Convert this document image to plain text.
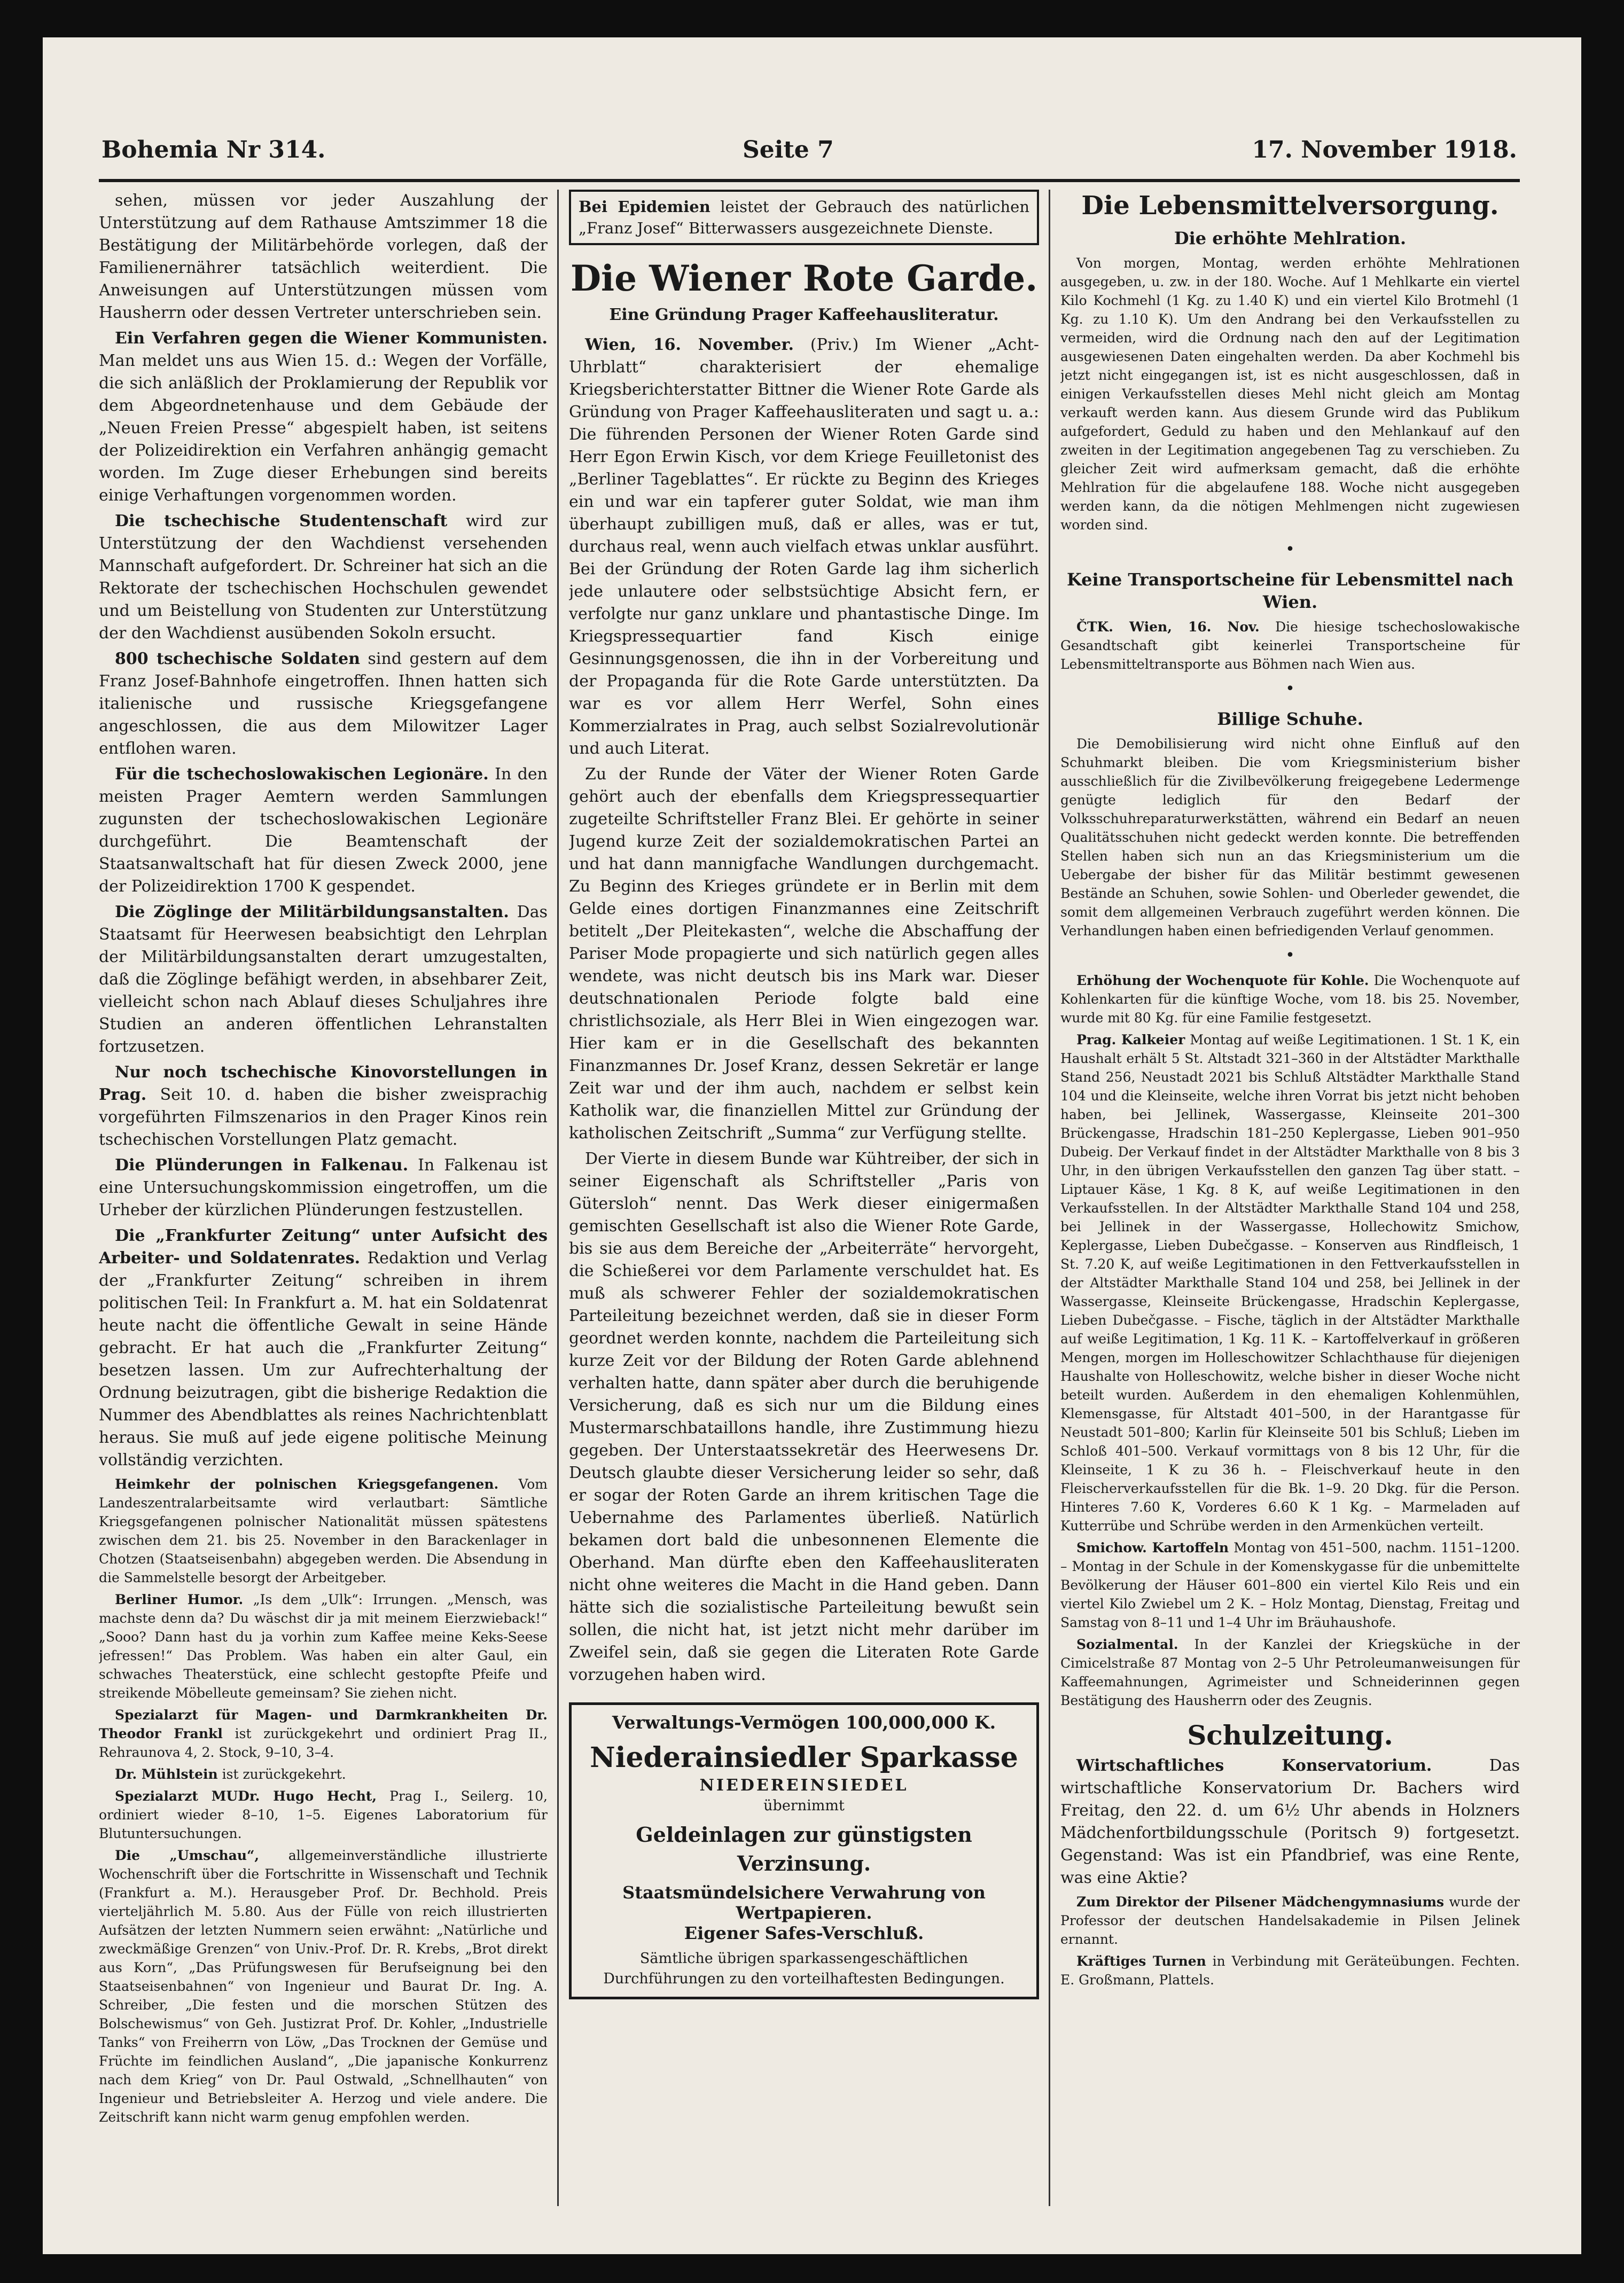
Bohemia Nr 314.	Seite 7	17. November 1918.

sehen, müssen vor jeder Auszahlung der Unterstützung auf dem Rathause Amtszimmer 18 die Bestätigung der Militärbehörde vorlegen, daß der Familienernährer tatsächlich weiterdient. Die Anweisungen auf Unterstützungen müssen vom Hausherrn oder dessen Vertreter unterschrieben sein.

Ein Verfahren gegen die Wiener Kommunisten. Man meldet uns aus Wien 15. d.: Wegen der Vorfälle, die sich anläßlich der Proklamierung der Republik vor dem Abgeordnetenhause und dem Gebäude der „Neuen Freien Presse“ abgespielt haben, ist seitens der Polizeidirektion ein Verfahren anhängig gemacht worden. Im Zuge dieser Erhebungen sind bereits einige Verhaftungen vorgenommen worden.

Die tschechische Studentenschaft wird zur Unterstützung der den Wachdienst versehenden Mannschaft aufgefordert. Dr. Schreiner hat sich an die Rektorate der tschechischen Hochschulen gewendet und um Beistellung von Studenten zur Unterstützung der den Wachdienst ausübenden Sokoln ersucht.

800 tschechische Soldaten sind gestern auf dem Franz Josef-Bahnhofe eingetroffen. Ihnen hatten sich italienische und russische Kriegsgefangene angeschlossen, die aus dem Milowitzer Lager entflohen waren.

Für die tschechoslowakischen Legionäre. In den meisten Prager Aemtern werden Sammlungen zugunsten der tschechoslowakischen Legionäre durchgeführt. Die Beamtenschaft der Staatsanwaltschaft hat für diesen Zweck 2000, jene der Polizeidirektion 1700 K gespendet.

Die Zöglinge der Militärbildungsanstalten. Das Staatsamt für Heerwesen beabsichtigt den Lehrplan der Militärbildungsanstalten derart umzugestalten, daß die Zöglinge befähigt werden, in absehbarer Zeit, vielleicht schon nach Ablauf dieses Schuljahres ihre Studien an anderen öffentlichen Lehranstalten fortzusetzen.

Nur noch tschechische Kinovorstellungen in Prag. Seit 10. d. haben die bisher zweisprachig vorgeführten Filmszenarios in den Prager Kinos rein tschechischen Vorstellungen Platz gemacht.

Die Plünderungen in Falkenau. In Falkenau ist eine Untersuchungskommission eingetroffen, um die Urheber der kürzlichen Plünderungen festzustellen.

Die „Frankfurter Zeitung“ unter Aufsicht des Arbeiter- und Soldatenrates. Redaktion und Verlag der „Frankfurter Zeitung“ schreiben in ihrem politischen Teil: In Frankfurt a. M. hat ein Soldatenrat heute nacht die öffentliche Gewalt in seine Hände gebracht. Er hat auch die „Frankfurter Zeitung“ besetzen lassen. Um zur Aufrechterhaltung der Ordnung beizutragen, gibt die bisherige Redaktion die Nummer des Abendblattes als reines Nachrichtenblatt heraus. Sie muß auf jede eigene politische Meinung vollständig verzichten.

Heimkehr der polnischen Kriegsgefangenen. Vom Landeszentralarbeitsamte wird verlautbart: Sämtliche Kriegsgefangenen polnischer Nationalität müssen spätestens zwischen dem 21. bis 25. November in den Barackenlager in Chotzen (Staatseisenbahn) abgegeben werden. Die Absendung in die Sammelstelle besorgt der Arbeitgeber.

Berliner Humor. „Is dem „Ulk“: Irrungen. „Mensch, was machste denn da? Du wäschst dir ja mit meinem Eierzwieback!“ „Sooo? Dann hast du ja vorhin zum Kaffee meine Keks-Seese jefressen!“ Das Problem. Was haben ein alter Gaul, ein schwaches Theaterstück, eine schlecht gestopfte Pfeife und streikende Möbelleute gemeinsam? Sie ziehen nicht.

Spezialarzt für Magen- und Darmkrankheiten Dr. Theodor Frankl ist zurückgekehrt und ordiniert Prag II., Rehraunova 4, 2. Stock, 9–10, 3–4.

Dr. Mühlstein ist zurückgekehrt.

Spezialarzt MUDr. Hugo Hecht, Prag I., Seilerg. 10, ordiniert wieder 8–10, 1–5. Eigenes Laboratorium für Blutuntersuchungen.

Die „Umschau“, allgemeinverständliche illustrierte Wochenschrift über die Fortschritte in Wissenschaft und Technik (Frankfurt a. M.). Herausgeber Prof. Dr. Bechhold. Preis vierteljährlich M. 5.80. Aus der Fülle von reich illustrierten Aufsätzen der letzten Nummern seien erwähnt: „Natürliche und zweckmäßige Grenzen“ von Univ.-Prof. Dr. R. Krebs, „Brot direkt aus Korn“, „Das Prüfungswesen für Berufseignung bei den Staatseisenbahnen“ von Ingenieur und Baurat Dr. Ing. A. Schreiber, „Die festen und die morschen Stützen des Bolschewismus“ von Geh. Justizrat Prof. Dr. Kohler, „Industrielle Tanks“ von Freiherrn von Löw, „Das Trocknen der Gemüse und Früchte im feindlichen Ausland“, „Die japanische Konkurrenz nach dem Krieg“ von Dr. Paul Ostwald, „Schnellhauten“ von Ingenieur und Betriebsleiter A. Herzog und viele andere. Die Zeitschrift kann nicht warm genug empfohlen werden.

Bei Epidemien leistet der Gebrauch des natürlichen „Franz Josef“ Bitterwassers ausgezeichnete Dienste.
Die Wiener Rote Garde.
Eine Gründung Prager Kaffeehausliteratur.

Wien, 16. November. (Priv.) Im Wiener „Acht-Uhrblatt“ charakterisiert der ehemalige Kriegsberichterstatter Bittner die Wiener Rote Garde als Gründung von Prager Kaffeehausliteraten und sagt u. a.: Die führenden Personen der Wiener Roten Garde sind Herr Egon Erwin Kisch, vor dem Kriege Feuilletonist des „Berliner Tageblattes“. Er rückte zu Beginn des Krieges ein und war ein tapferer guter Soldat, wie man ihm überhaupt zubilligen muß, daß er alles, was er tut, durchaus real, wenn auch vielfach etwas unklar ausführt. Bei der Gründung der Roten Garde lag ihm sicherlich jede unlautere oder selbstsüchtige Absicht fern, er verfolgte nur ganz unklare und phantastische Dinge. Im Kriegspressequartier fand Kisch einige Gesinnungsgenossen, die ihn in der Vorbereitung und der Propaganda für die Rote Garde unterstützten. Da war es vor allem Herr Werfel, Sohn eines Kommerzialrates in Prag, auch selbst Sozialrevolutionär und auch Literat.

Zu der Runde der Väter der Wiener Roten Garde gehört auch der ebenfalls dem Kriegspressequartier zugeteilte Schriftsteller Franz Blei. Er gehörte in seiner Jugend kurze Zeit der sozialdemokratischen Partei an und hat dann mannigfache Wandlungen durchgemacht. Zu Beginn des Krieges gründete er in Berlin mit dem Gelde eines dortigen Finanzmannes eine Zeitschrift betitelt „Der Pleitekasten“, welche die Abschaffung der Pariser Mode propagierte und sich natürlich gegen alles wendete, was nicht deutsch bis ins Mark war. Dieser deutschnationalen Periode folgte bald eine christlichsoziale, als Herr Blei in Wien eingezogen war. Hier kam er in die Gesellschaft des bekannten Finanzmannes Dr. Josef Kranz, dessen Sekretär er lange Zeit war und der ihm auch, nachdem er selbst kein Katholik war, die finanziellen Mittel zur Gründung der katholischen Zeitschrift „Summa“ zur Verfügung stellte.

Der Vierte in diesem Bunde war Kühtreiber, der sich in seiner Eigenschaft als Schriftsteller „Paris von Gütersloh“ nennt. Das Werk dieser einigermaßen gemischten Gesellschaft ist also die Wiener Rote Garde, bis sie aus dem Bereiche der „Arbeiterräte“ hervorgeht, die Schießerei vor dem Parlamente verschuldet hat. Es muß als schwerer Fehler der sozialdemokratischen Parteileitung bezeichnet werden, daß sie in dieser Form geordnet werden konnte, nachdem die Parteileitung sich kurze Zeit vor der Bildung der Roten Garde ablehnend verhalten hatte, dann später aber durch die beruhigende Versicherung, daß es sich nur um die Bildung eines Mustermarschbataillons handle, ihre Zustimmung hiezu gegeben. Der Unterstaatssekretär des Heerwesens Dr. Deutsch glaubte dieser Versicherung leider so sehr, daß er sogar der Roten Garde an ihrem kritischen Tage die Uebernahme des Parlamentes überließ. Natürlich bekamen dort bald die unbesonnenen Elemente die Oberhand. Man dürfte eben den Kaffeehausliteraten nicht ohne weiteres die Macht in die Hand geben. Dann hätte sich die sozialistische Parteileitung bewußt sein sollen, die nicht hat, ist jetzt nicht mehr darüber im Zweifel sein, daß sie gegen die Literaten Rote Garde vorzugehen haben wird.

Verwaltungs-Vermögen 100,000,000 K.
Niederainsiedler Sparkasse
NIEDEREINSIEDEL
übernimmt
Geldeinlagen zur günstigsten Verzinsung.
Staatsmündelsichere Verwahrung von Wertpapieren.
Eigener Safes-Verschluß.
Sämtliche übrigen sparkassengeschäftlichen Durchführungen zu den vorteilhaftesten Bedingungen.
Die Lebensmittelversorgung.
Die erhöhte Mehlration.

Von morgen, Montag, werden erhöhte Mehlrationen ausgegeben, u. zw. in der 180. Woche. Auf 1 Mehlkarte ein viertel Kilo Kochmehl (1 Kg. zu 1.40 K) und ein viertel Kilo Brotmehl (1 Kg. zu 1.10 K). Um den Andrang bei den Verkaufsstellen zu vermeiden, wird die Ordnung nach den auf der Legitimation ausgewiesenen Daten eingehalten werden. Da aber Kochmehl bis jetzt nicht eingegangen ist, ist es nicht ausgeschlossen, daß in einigen Verkaufsstellen dieses Mehl nicht gleich am Montag verkauft werden kann. Aus diesem Grunde wird das Publikum aufgefordert, Geduld zu haben und den Mehlankauf auf den zweiten in der Legitimation angegebenen Tag zu verschieben. Zu gleicher Zeit wird aufmerksam gemacht, daß die erhöhte Mehlration für die abgelaufene 188. Woche nicht ausgegeben werden kann, da die nötigen Mehlmengen nicht zugewiesen worden sind.

•
Keine Transportscheine für Lebensmittel nach Wien.

ČTK. Wien, 16. Nov. Die hiesige tschechoslowakische Gesandtschaft gibt keinerlei Transportscheine für Lebensmitteltransporte aus Böhmen nach Wien aus.

•
Billige Schuhe.

Die Demobilisierung wird nicht ohne Einfluß auf den Schuhmarkt bleiben. Die vom Kriegsministerium bisher ausschließlich für die Zivilbevölkerung freigegebene Ledermenge genügte lediglich für den Bedarf der Volksschuhreparaturwerkstätten, während ein Bedarf an neuen Qualitätsschuhen nicht gedeckt werden konnte. Die betreffenden Stellen haben sich nun an das Kriegsministerium um die Uebergabe der bisher für das Militär bestimmt gewesenen Bestände an Schuhen, sowie Sohlen- und Oberleder gewendet, die somit dem allgemeinen Verbrauch zugeführt werden können. Die Verhandlungen haben einen befriedigenden Verlauf genommen.

•

Erhöhung der Wochenquote für Kohle. Die Wochenquote auf Kohlenkarten für die künftige Woche, vom 18. bis 25. November, wurde mit 80 Kg. für eine Familie festgesetzt.

Prag. Kalkeier Montag auf weiße Legitimationen. 1 St. 1 K, ein Haushalt erhält 5 St. Altstadt 321–360 in der Altstädter Markthalle Stand 256, Neustadt 2021 bis Schluß Altstädter Markthalle Stand 104 und die Kleinseite, welche ihren Vorrat bis jetzt nicht behoben haben, bei Jellinek, Wassergasse, Kleinseite 201–300 Brückengasse, Hradschin 181–250 Keplergasse, Lieben 901–950 Dubeig. Der Verkauf findet in der Altstädter Markthalle von 8 bis 3 Uhr, in den übrigen Verkaufsstellen den ganzen Tag über statt. – Liptauer Käse, 1 Kg. 8 K, auf weiße Legitimationen in den Verkaufsstellen. In der Altstädter Markthalle Stand 104 und 258, bei Jellinek in der Wassergasse, Hollechowitz Smichow, Keplergasse, Lieben Dubečgasse. – Konserven aus Rindfleisch, 1 St. 7.20 K, auf weiße Legitimationen in den Fettverkaufsstellen in der Altstädter Markthalle Stand 104 und 258, bei Jellinek in der Wassergasse, Kleinseite Brückengasse, Hradschin Keplergasse, Lieben Dubečgasse. – Fische, täglich in der Altstädter Markthalle auf weiße Legitimation, 1 Kg. 11 K. – Kartoffelverkauf in größeren Mengen, morgen im Holleschowitzer Schlachthause für diejenigen Haushalte von Holleschowitz, welche bisher in dieser Woche nicht beteilt wurden. Außerdem in den ehemaligen Kohlenmühlen, Klemensgasse, für Altstadt 401–500, in der Harantgasse für Neustadt 501–800; Karlin für Kleinseite 501 bis Schluß; Lieben im Schloß 401–500. Verkauf vormittags von 8 bis 12 Uhr, für die Kleinseite, 1 K zu 36 h. – Fleischverkauf heute in den Fleischerverkaufsstellen für die Bk. 1–9. 20 Dkg. für die Person. Hinteres 7.60 K, Vorderes 6.60 K 1 Kg. – Marmeladen auf Kutterrübe und Schrübe werden in den Armenküchen verteilt.

Smichow. Kartoffeln Montag von 451–500, nachm. 1151–1200. – Montag in der Schule in der Komenskygasse für die unbemittelte Bevölkerung der Häuser 601–800 ein viertel Kilo Reis und ein viertel Kilo Zwiebel um 2 K. – Holz Montag, Dienstag, Freitag und Samstag von 8–11 und 1–4 Uhr im Bräuhaushofe.

Sozialmental. In der Kanzlei der Kriegsküche in der Cimicelstraße 87 Montag von 2–5 Uhr Petroleumanweisungen für Kaffeemahnungen, Agrimeister und Schneiderinnen gegen Bestätigung des Hausherrn oder des Zeugnis.

Schulzeitung.

Wirtschaftliches Konservatorium. Das wirtschaftliche Konservatorium Dr. Bachers wird Freitag, den 22. d. um 6½ Uhr abends in Holzners Mädchenfortbildungsschule (Poritsch 9) fortgesetzt. Gegenstand: Was ist ein Pfandbrief, was eine Rente, was eine Aktie?

Zum Direktor der Pilsener Mädchengymnasiums wurde der Professor der deutschen Handelsakademie in Pilsen Jelinek ernannt.

Kräftiges Turnen in Verbindung mit Geräteübungen. Fechten. E. Großmann, Plattels.
